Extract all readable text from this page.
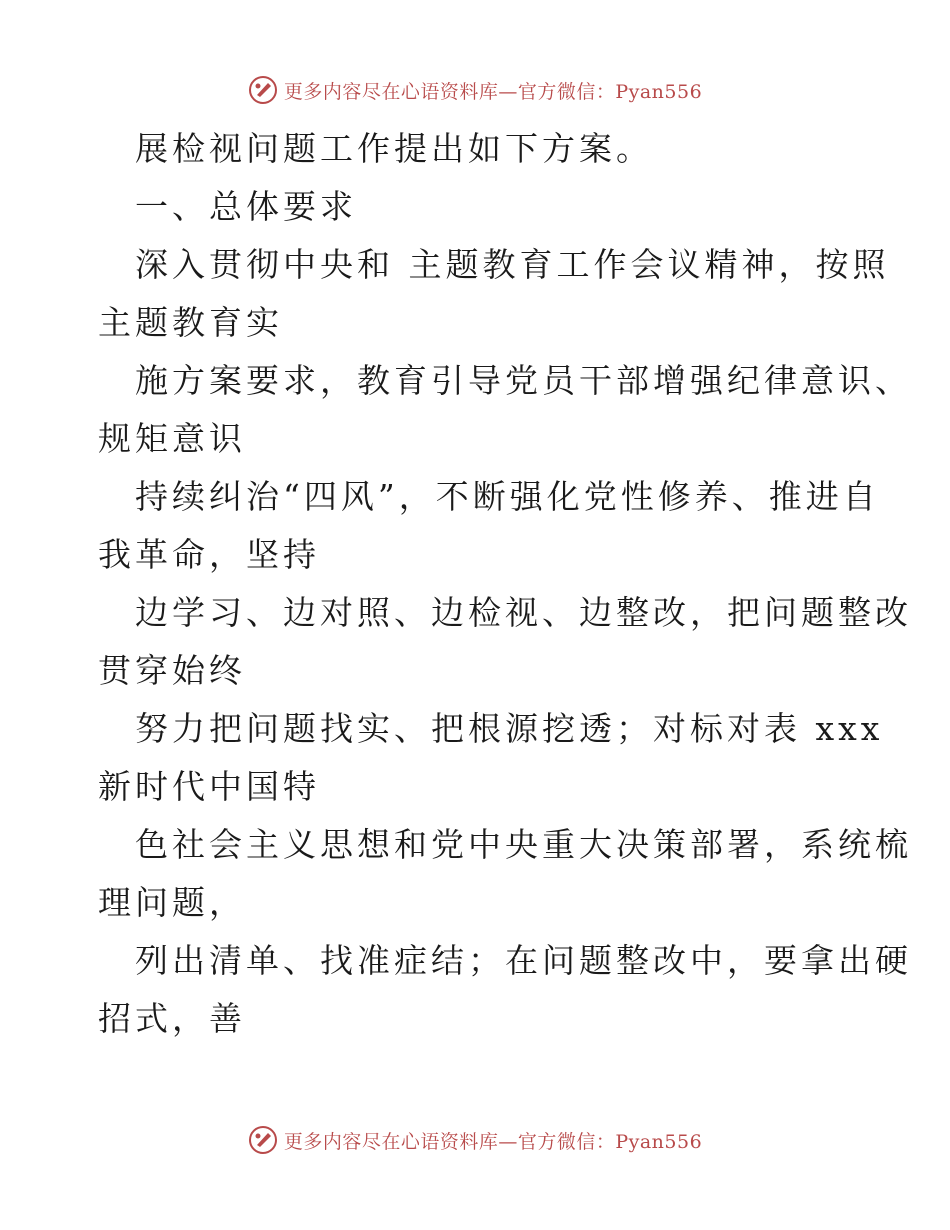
更多内容尽在心语资料库—官方微信：Pyan556

展检视问题工作提出如下方案。

一、总体要求

深入贯彻中央和 主题教育工作会议精神，按照

主题教育实

施方案要求，教育引导党员干部增强纪律意识、

规矩意识

持续纠治“四风”，不断强化党性修养、推进自

我革命，坚持

边学习、边对照、边检视、边整改，把问题整改

贯穿始终

努力把问题找实、把根源挖透；对标对表 xxx

新时代中国特

色社会主义思想和党中央重大决策部署，系统梳

理问题，

列出清单、找准症结；在问题整改中，要拿出硬

招式，善

更多内容尽在心语资料库—官方微信：Pyan556
